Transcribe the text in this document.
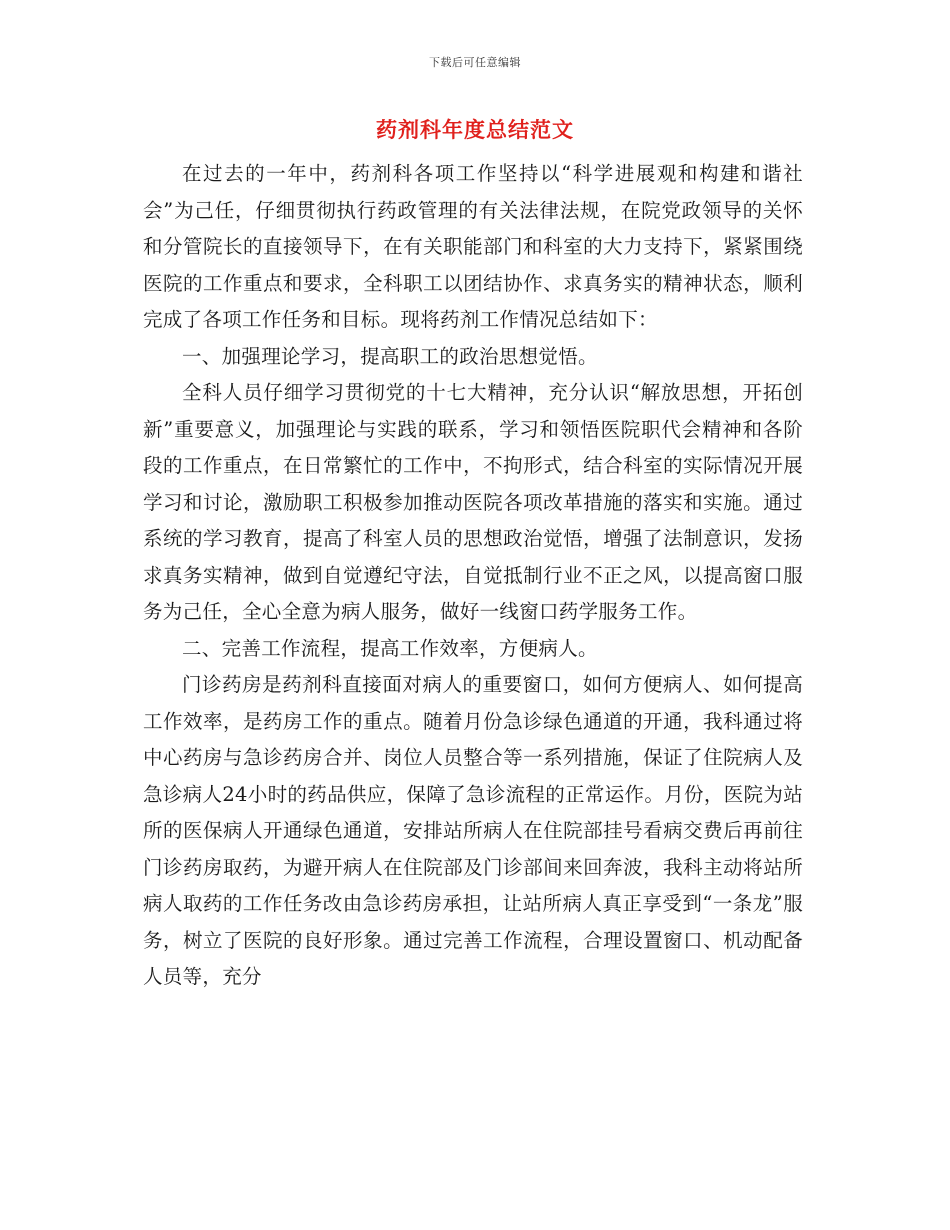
下载后可任意编辑
药剂科年度总结范文

在过去的一年中，药剂科各项工作坚持以“科学进展观和构建和谐社会”为己任，仔细贯彻执行药政管理的有关法律法规，在院党政领导的关怀和分管院长的直接领导下，在有关职能部门和科室的大力支持下，紧紧围绕医院的工作重点和要求，全科职工以团结协作、求真务实的精神状态，顺利完成了各项工作任务和目标。现将药剂工作情况总结如下：

一、加强理论学习，提高职工的政治思想觉悟。

全科人员仔细学习贯彻党的十七大精神，充分认识“解放思想，开拓创新”重要意义，加强理论与实践的联系，学习和领悟医院职代会精神和各阶段的工作重点，在日常繁忙的工作中，不拘形式，结合科室的实际情况开展学习和讨论，激励职工积极参加推动医院各项改革措施的落实和实施。通过系统的学习教育，提高了科室人员的思想政治觉悟，增强了法制意识，发扬求真务实精神，做到自觉遵纪守法，自觉抵制行业不正之风，以提高窗口服务为己任，全心全意为病人服务，做好一线窗口药学服务工作。

二、完善工作流程，提高工作效率，方便病人。

门诊药房是药剂科直接面对病人的重要窗口，如何方便病人、如何提高工作效率，是药房工作的重点。随着月份急诊绿色通道的开通，我科通过将中心药房与急诊药房合并、岗位人员整合等一系列措施，保证了住院病人及急诊病人24小时的药品供应，保障了急诊流程的正常运作。月份，医院为站所的医保病人开通绿色通道，安排站所病人在住院部挂号看病交费后再前往门诊药房取药，为避开病人在住院部及门诊部间来回奔波，我科主动将站所病人取药的工作任务改由急诊药房承担，让站所病人真正享受到“一条龙”服务，树立了医院的良好形象。通过完善工作流程，合理设置窗口、机动配备人员等，充分
